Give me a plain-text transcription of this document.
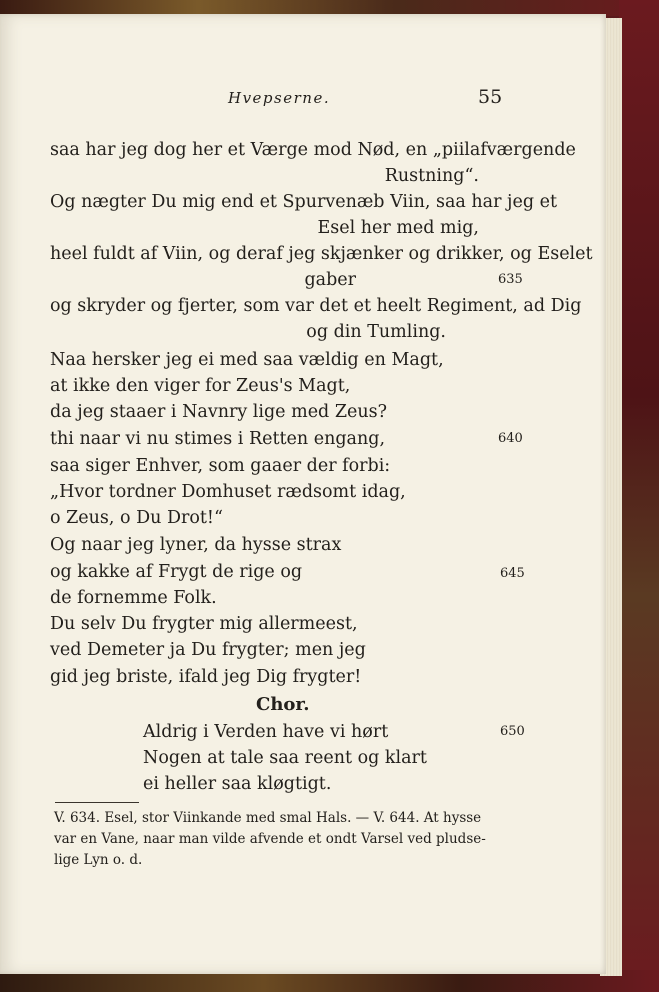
Hvepserne.	55
saa har jeg dog her et Værge mod Nød, en „piilafværgende
Rustning“.
Og nægter Du mig end et Spurvenæb Viin, saa har jeg et
Esel her med mig,
heel fuldt af Viin, og deraf jeg skjænker og drikker, og Eselet
gaber	635
og skryder og fjerter, som var det et heelt Regiment, ad Dig
og din Tumling.
Naa hersker jeg ei med saa vældig en Magt,
at ikke den viger for Zeus's Magt,
da jeg staaer i Navnry lige med Zeus?
thi naar vi nu stimes i Retten engang,	640
saa siger Enhver, som gaaer der forbi:
„Hvor tordner Domhuset rædsomt idag,
o Zeus, o Du Drot!“
Og naar jeg lyner, da hysse strax
og kakke af Frygt de rige og	645
de fornemme Folk.
Du selv Du frygter mig allermeest,
ved Demeter ja Du frygter; men jeg
gid jeg briste, ifald jeg Dig frygter!
Chor.
Aldrig i Verden have vi hørt	650
Nogen at tale saa reent og klart
ei heller saa kløgtigt.
V. 634. Esel, stor Viinkande med smal Hals. — V. 644. At hysse
var en Vane, naar man vilde afvende et ondt Varsel ved pludse-
lige Lyn o. d.
